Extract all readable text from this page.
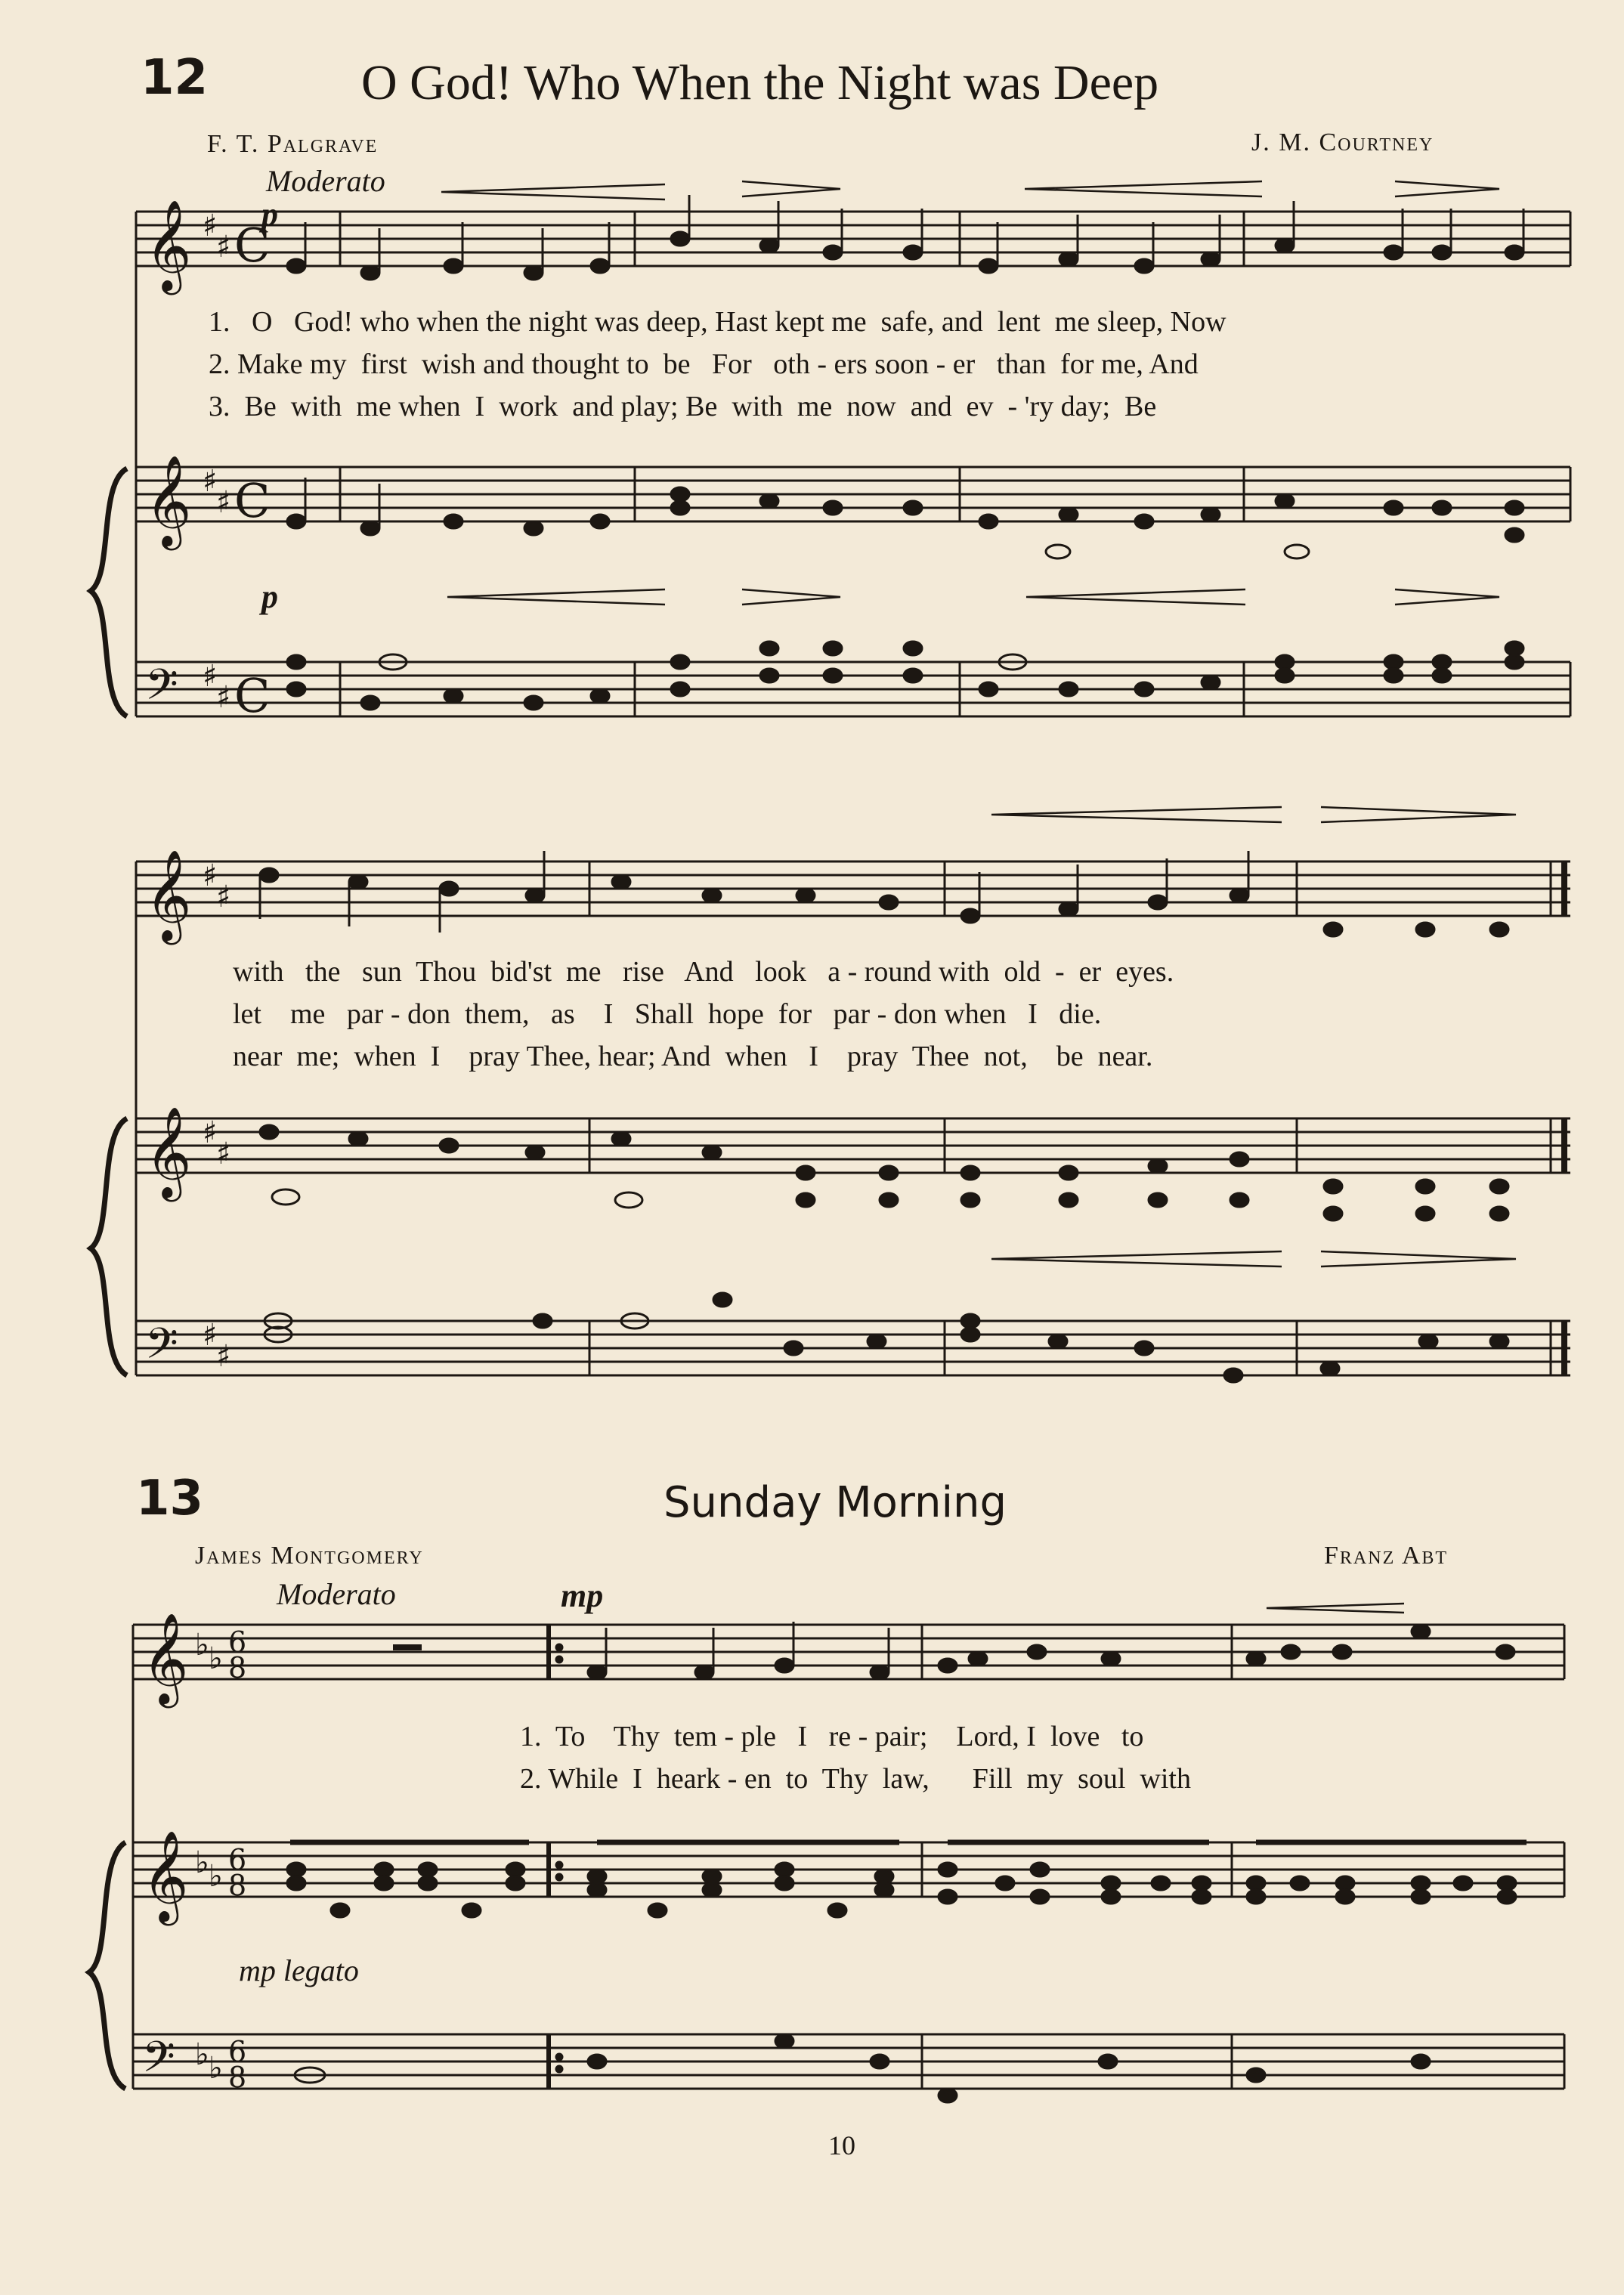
12	O God! Who When the Night was Deep
F. T. Palgrave	J. M. Courtney
Moderato
p
p
1.   O   God! who when the night was deep, Hast kept me  safe, and  lent  me sleep, Now
2. Make my  first  wish and thought to  be   For   oth - ers soon - er   than  for me, And
3.  Be  with  me when  I  work  and play; Be  with  me  now  and  ev  - 'ry day;  Be
with   the   sun  Thou  bid'st  me   rise   And   look   a - round with  old  -  er  eyes.
let    me   par - don  them,   as    I   Shall  hope  for   par - don when   I   die.
near  me;  when  I    pray Thee, hear; And  when   I    pray  Thee  not,    be  near.
13	Sunday Morning
James Montgomery	Franz Abt
Moderato	mp
mp legato
1.  To    Thy  tem - ple   I   re - pair;    Lord, I  love   to
2. While  I  heark - en  to  Thy  law,      Fill  my  soul  with
10
𝄞
𝄞
𝄢
♯
♯
♯
♯
♯
♯
C
C
C
𝄞
𝄞
𝄢
♯
♯
♯
♯
♯
♯
𝄞
𝄞
𝄢
♭ ♭
♭ ♭
♭ ♭
6
8
6
8
6
8
